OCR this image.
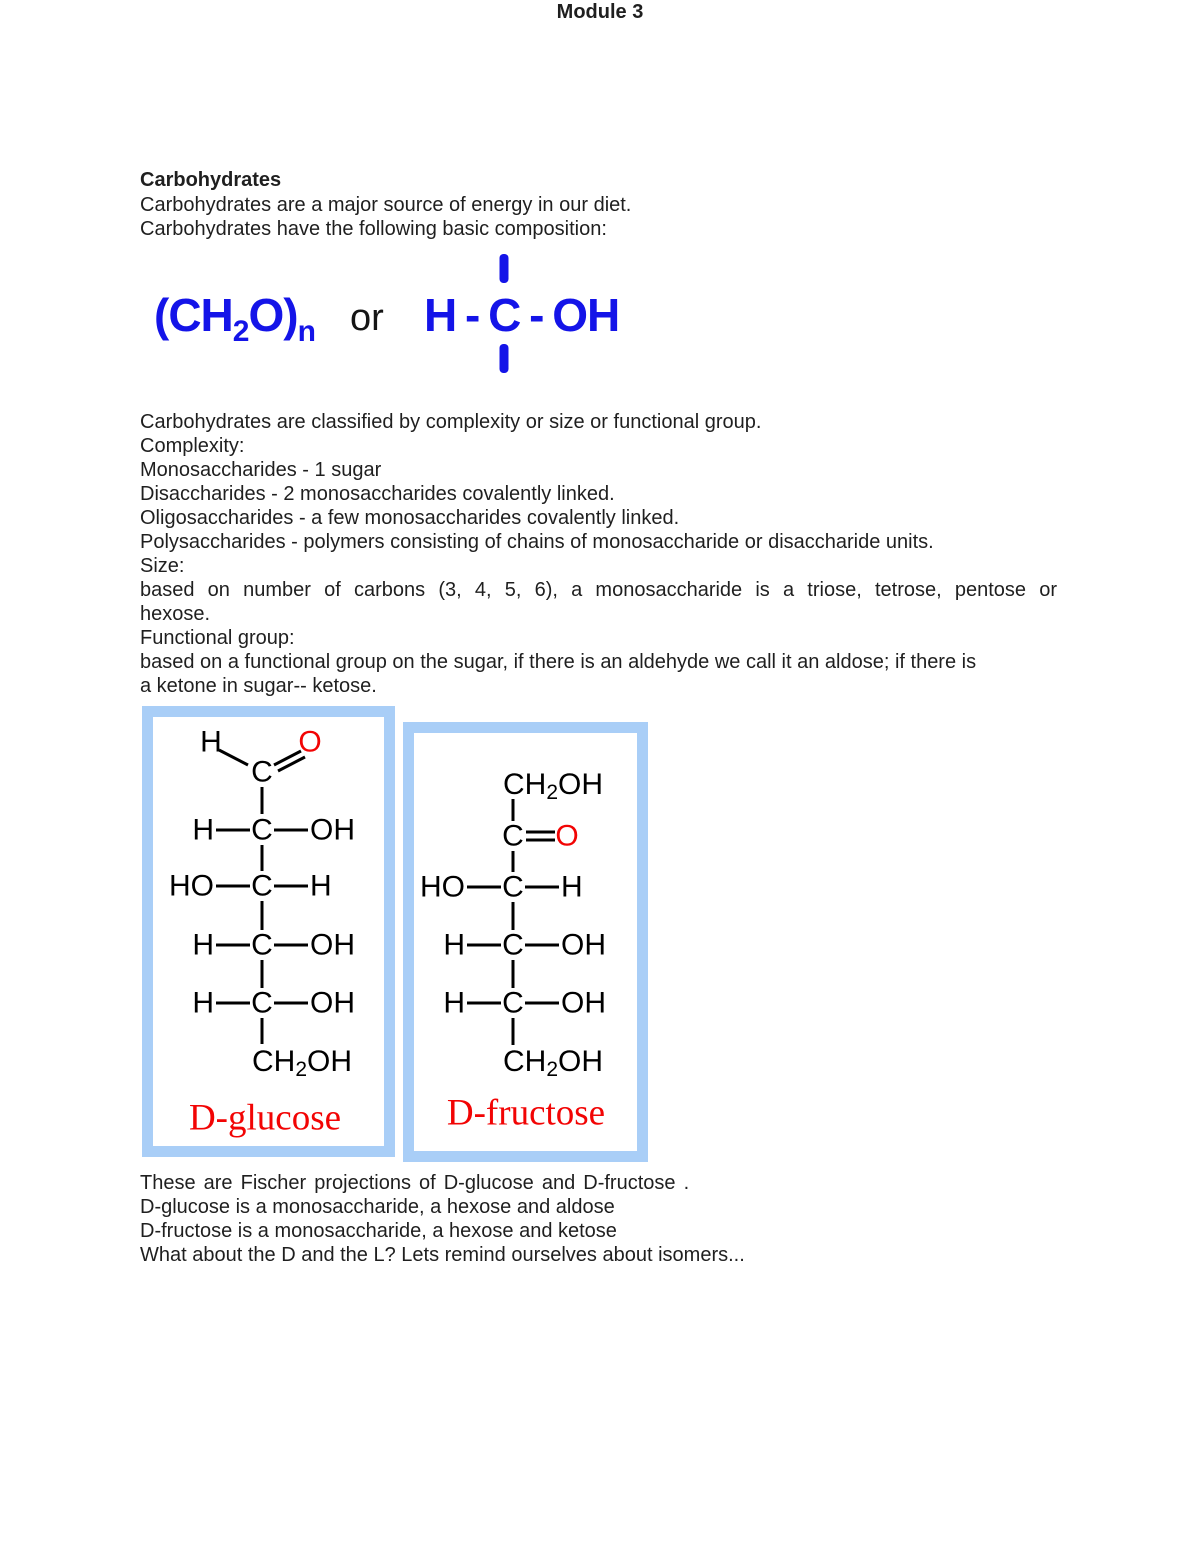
Module 3
Carbohydrates
Carbohydrates are a major source of energy in our diet.
Carbohydrates have the following basic composition:
$(CH_2O)_n$ or H - C
- OH
Carbohydrates are classified by complexity or size or functional group.
Complexity:
Monosaccharides - 1 sugar
Disaccharides - 2 monosaccharides covalently linked.
Oligosaccharides - a few monosaccharides covalently linked.
Polysaccharides - polymers consisting of chains of monosaccharide or disaccharide units.
Size:
based on number of carbons (3, 4, 5, 6), a monosaccharide is a triose, tetrose, pentose or
hexose.
Functional group:
based on a functional group on the sugar, if there is an aldehyde we call it an aldose; if there is
a ketone in sugar-- ketose.
H
C
O
H C OH
HO C H
H C OH
H C OH
$CH_2OH$
D-glucose
$CH_2OH$
C O
HO C H
H C OH
H C OH
$CH_2OH$
D-fructose
These are Fischer projections of D-glucose and D-fructose .
D-glucose is a monosaccharide, a hexose and aldose
D-fructose is a monosaccharide, a hexose and ketose
What about the D and the L? Lets remind ourselves about isomers...
